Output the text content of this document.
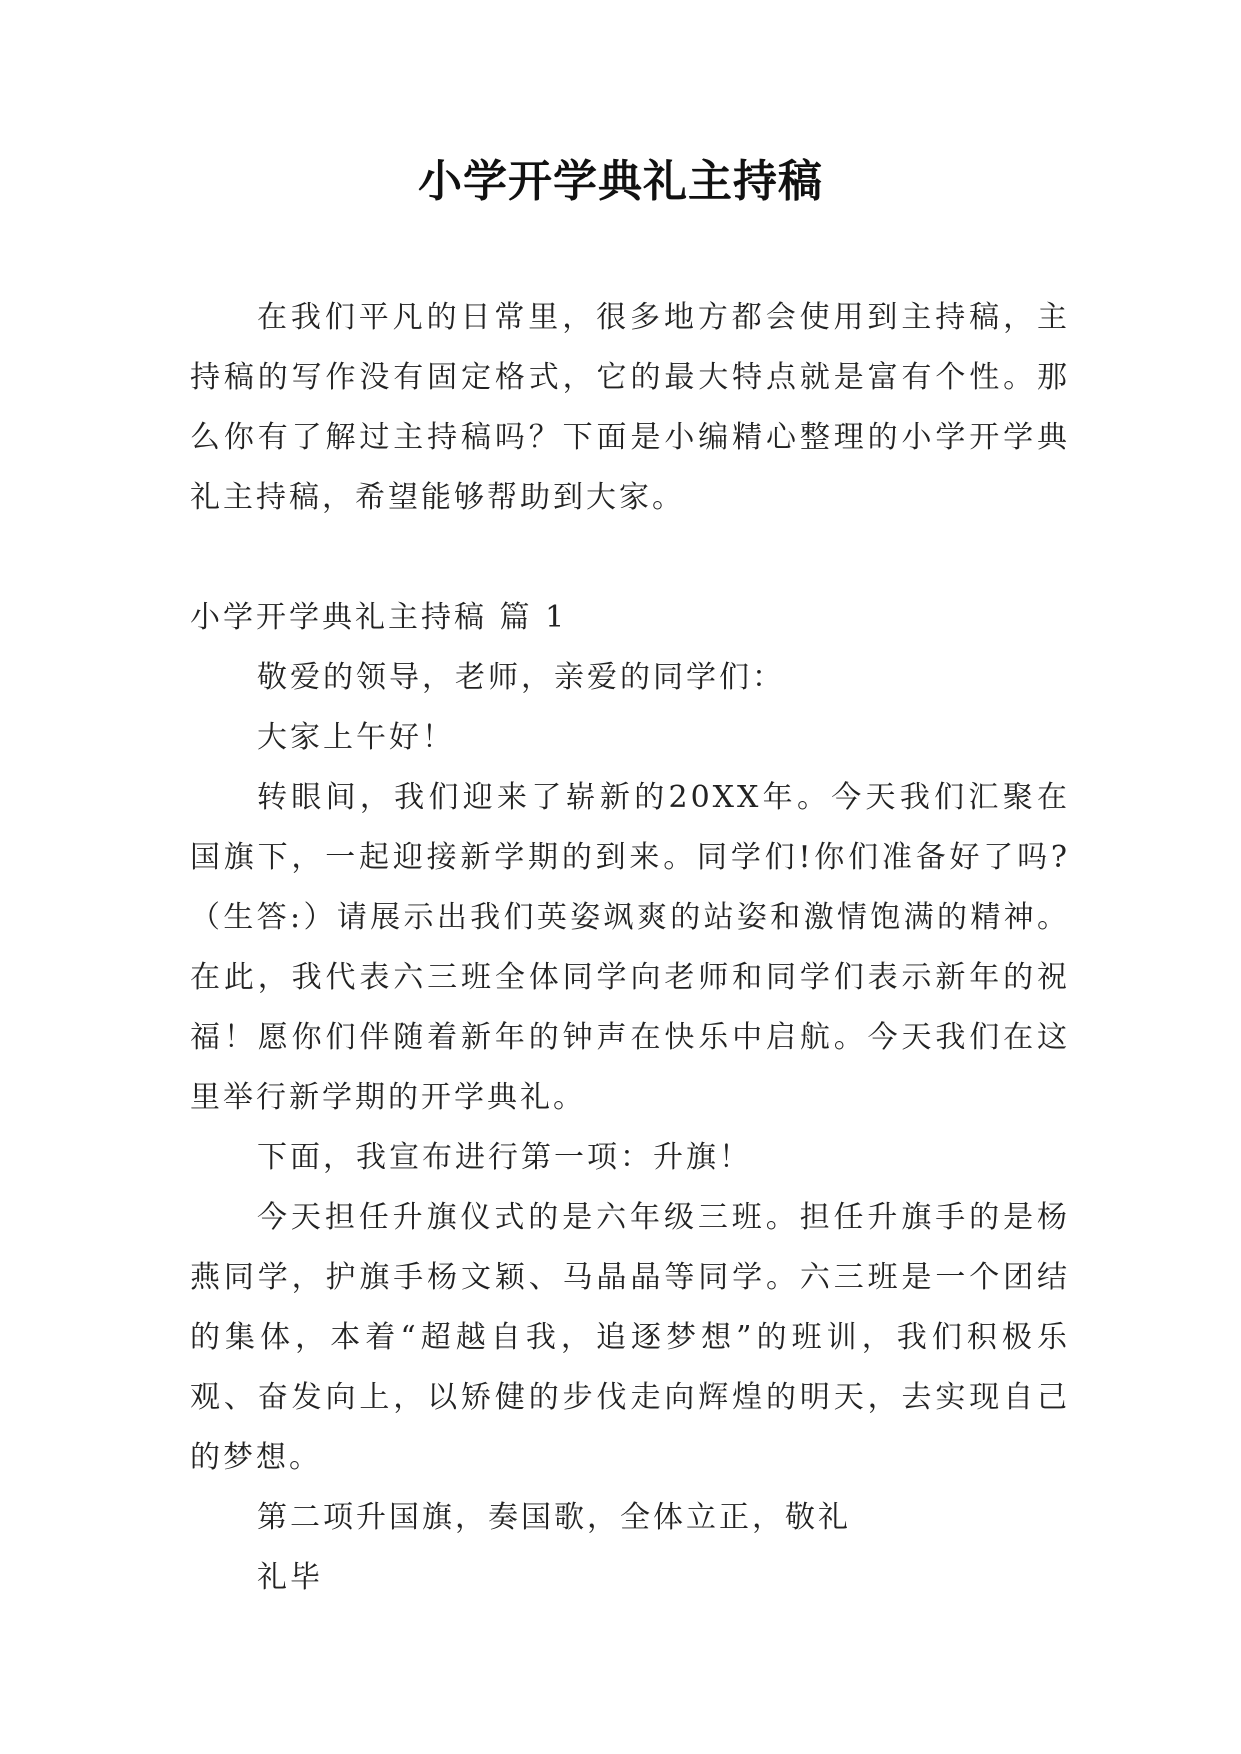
小学开学典礼主持稿

在我们平凡的日常里，很多地方都会使用到主持稿，主持稿的写作没有固定格式，它的最大特点就是富有个性。那么你有了解过主持稿吗？下面是小编精心整理的小学开学典礼主持稿，希望能够帮助到大家。

小学开学典礼主持稿 篇 1

敬爱的领导，老师，亲爱的同学们：

大家上午好！

转眼间，我们迎来了崭新的20XX年。今天我们汇聚在国旗下，一起迎接新学期的到来。同学们!你们准备好了吗?（生答:）请展示出我们英姿飒爽的站姿和激情饱满的精神。在此，我代表六三班全体同学向老师和同学们表示新年的祝福！愿你们伴随着新年的钟声在快乐中启航。今天我们在这里举行新学期的开学典礼。

下面，我宣布进行第一项：升旗！

今天担任升旗仪式的是六年级三班。担任升旗手的是杨燕同学，护旗手杨文颖、马晶晶等同学。六三班是一个团结的集体，本着“超越自我，追逐梦想”的班训，我们积极乐观、奋发向上，以矫健的步伐走向辉煌的明天，去实现自己的梦想。

第二项升国旗，奏国歌，全体立正，敬礼

礼毕
